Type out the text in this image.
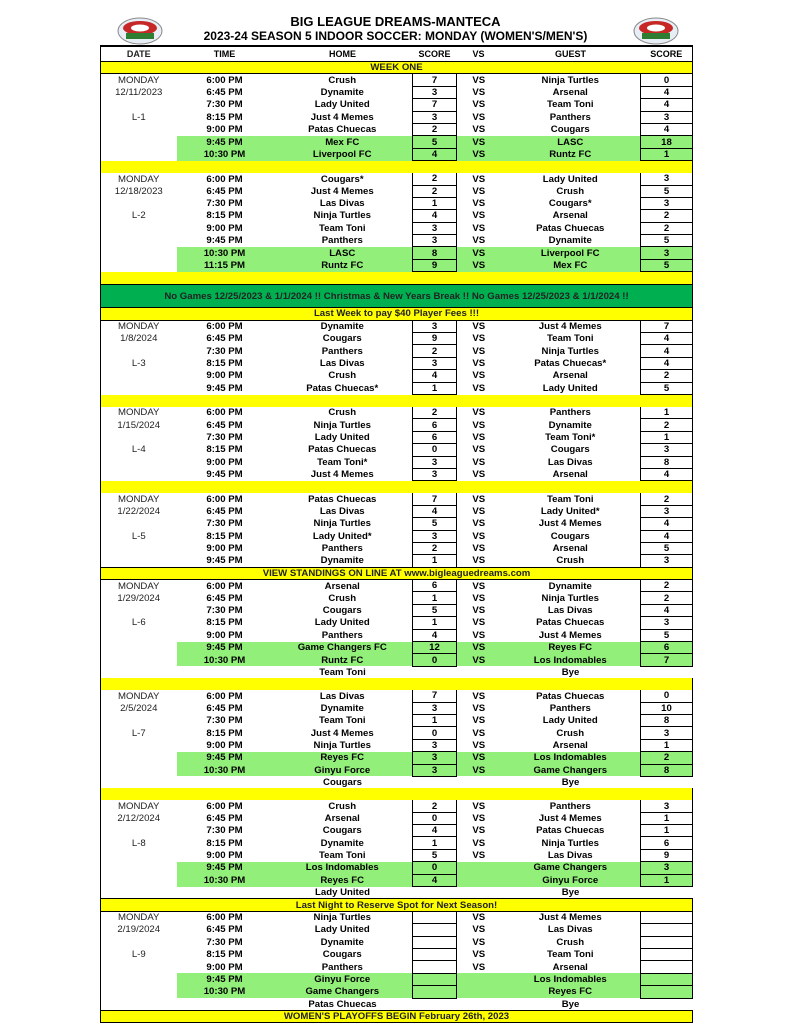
BIG LEAGUE DREAMS-MANTECA
2023-24 SEASON 5 INDOOR SOCCER: MONDAY (WOMEN'S/MEN'S)
DATE	TIME	HOME	SCORE	VS	GUEST	SCORE
WEEK ONE						
MONDAY	6:00 PM	Crush	7	VS	Ninja Turtles	0
12/11/2023	6:45 PM	Dynamite	3	VS	Arsenal	4
	7:30 PM	Lady United	7	VS	Team Toni	4
L-1	8:15 PM	Just 4 Memes	3	VS	Panthers	3
	9:00 PM	Patas Chuecas	2	VS	Cougars	4
	9:45 PM	Mex FC	5	VS	LASC	18
	10:30 PM	Liverpool FC	4	VS	Runtz FC	1

MONDAY	6:00 PM	Cougars*	2	VS	Lady United	3
12/18/2023	6:45 PM	Just 4 Memes	2	VS	Crush	5
	7:30 PM	Las Divas	1	VS	Cougars*	3
L-2	8:15 PM	Ninja Turtles	4	VS	Arsenal	2
	9:00 PM	Team Toni	3	VS	Patas Chuecas	2
	9:45 PM	Panthers	3	VS	Dynamite	5
	10:30 PM	LASC	8	VS	Liverpool FC	3
	11:15 PM	Runtz FC	9	VS	Mex FC	5

No Games 12/25/2023 & 1/1/2024 !! Christmas & New Years Break !! No Games 12/25/2023 & 1/1/2024 !!						
Last Week to pay $40 Player Fees !!!						
MONDAY	6:00 PM	Dynamite	3	VS	Just 4 Memes	7
1/8/2024	6:45 PM	Cougars	9	VS	Team Toni	4
	7:30 PM	Panthers	2	VS	Ninja Turtles	4
L-3	8:15 PM	Las Divas	3	VS	Patas Chuecas*	4
	9:00 PM	Crush	4	VS	Arsenal	2
	9:45 PM	Patas Chuecas*	1	VS	Lady United	5

MONDAY	6:00 PM	Crush	2	VS	Panthers	1
1/15/2024	6:45 PM	Ninja Turtles	6	VS	Dynamite	2
	7:30 PM	Lady United	6	VS	Team Toni*	1
L-4	8:15 PM	Patas Chuecas	0	VS	Cougars	3
	9:00 PM	Team Toni*	3	VS	Las Divas	8
	9:45 PM	Just 4 Memes	3	VS	Arsenal	4

MONDAY	6:00 PM	Patas Chuecas	7	VS	Team Toni	2
1/22/2024	6:45 PM	Las Divas	4	VS	Lady United*	3
	7:30 PM	Ninja Turtles	5	VS	Just 4 Memes	4
L-5	8:15 PM	Lady United*	3	VS	Cougars	4
	9:00 PM	Panthers	2	VS	Arsenal	5
	9:45 PM	Dynamite	1	VS	Crush	3
VIEW STANDINGS ON LINE AT www.bigleaguedreams.com						
MONDAY	6:00 PM	Arsenal	6	VS	Dynamite	2
1/29/2024	6:45 PM	Crush	1	VS	Ninja Turtles	2
	7:30 PM	Cougars	5	VS	Las Divas	4
L-6	8:15 PM	Lady United	1	VS	Patas Chuecas	3
	9:00 PM	Panthers	4	VS	Just 4 Memes	5
	9:45 PM	Game Changers FC	12	VS	Reyes FC	6
	10:30 PM	Runtz FC	0	VS	Los Indomables	7
		Team Toni			Bye	

MONDAY	6:00 PM	Las Divas	7	VS	Patas Chuecas	0
2/5/2024	6:45 PM	Dynamite	3	VS	Panthers	10
	7:30 PM	Team Toni	1	VS	Lady United	8
L-7	8:15 PM	Just 4 Memes	0	VS	Crush	3
	9:00 PM	Ninja Turtles	3	VS	Arsenal	1
	9:45 PM	Reyes FC	3	VS	Los Indomables	2
	10:30 PM	Ginyu Force	3	VS	Game Changers	8
		Cougars			Bye	

MONDAY	6:00 PM	Crush	2	VS	Panthers	3
2/12/2024	6:45 PM	Arsenal	0	VS	Just 4 Memes	1
	7:30 PM	Cougars	4	VS	Patas Chuecas	1
L-8	8:15 PM	Dynamite	1	VS	Ninja Turtles	6
	9:00 PM	Team Toni	5	VS	Las Divas	9
	9:45 PM	Los Indomables	0		Game Changers	3
	10:30 PM	Reyes FC	4		Ginyu Force	1
		Lady United			Bye	
Last Night to Reserve Spot for Next Season!						
MONDAY	6:00 PM	Ninja Turtles		VS	Just 4 Memes	
2/19/2024	6:45 PM	Lady United		VS	Las Divas	
	7:30 PM	Dynamite		VS	Crush	
L-9	8:15 PM	Cougars		VS	Team Toni	
	9:00 PM	Panthers		VS	Arsenal	
	9:45 PM	Ginyu Force			Los Indomables	
	10:30 PM	Game Changers			Reyes FC	
		Patas Chuecas			Bye	
WOMEN'S PLAYOFFS BEGIN February 26th, 2023						
